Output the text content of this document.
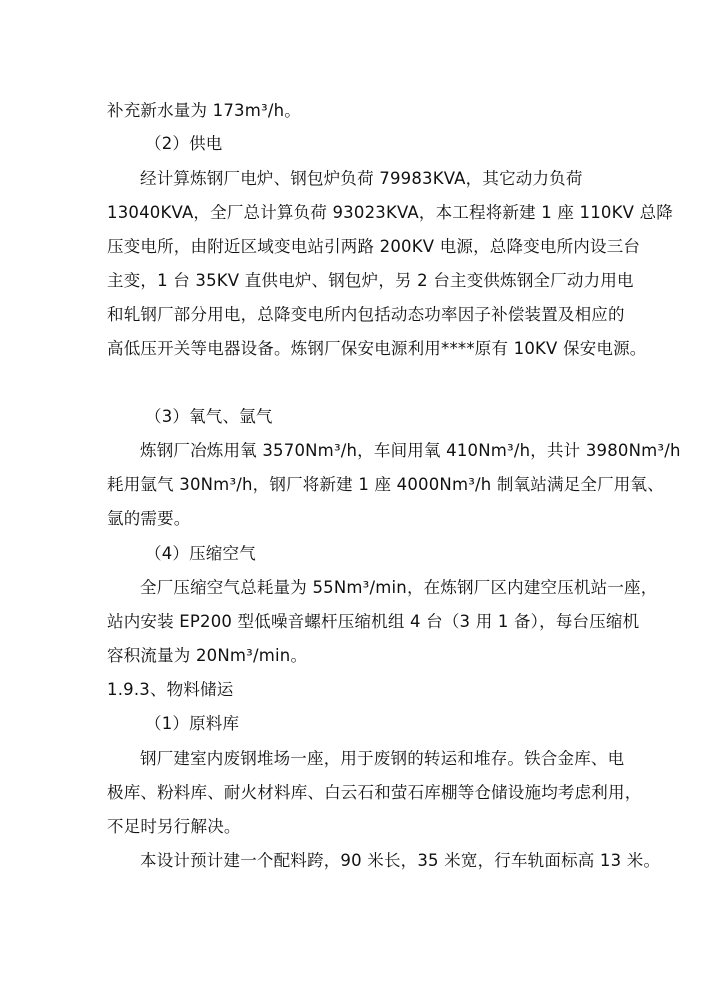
补充新水量为 173m³/h。
（2）供电
经计算炼钢厂电炉、钢包炉负荷 79983KVA，其它动力负荷
13040KVA，全厂总计算负荷 93023KVA，本工程将新建 1 座 110KV 总降
压变电所，由附近区域变电站引两路 200KV 电源，总降变电所内设三台
主变，1 台 35KV 直供电炉、钢包炉，另 2 台主变供炼钢全厂动力用电
和轧钢厂部分用电，总降变电所内包括动态功率因子补偿装置及相应的
高低压开关等电器设备。炼钢厂保安电源利用****原有 10KV 保安电源。
（3）氧气、氩气
炼钢厂冶炼用氧 3570Nm³/h，车间用氧 410Nm³/h，共计 3980Nm³/h
耗用氩气 30Nm³/h，钢厂将新建 1 座 4000Nm³/h 制氧站满足全厂用氧、
氩的需要。
（4）压缩空气
全厂压缩空气总耗量为 55Nm³/min，在炼钢厂区内建空压机站一座，
站内安装 EP200 型低噪音螺杆压缩机组 4 台（3 用 1 备），每台压缩机
容积流量为 20Nm³/min。
1.9.3、物料储运
（1）原料库
钢厂建室内废钢堆场一座，用于废钢的转运和堆存。铁合金库、电
极库、粉料库、耐火材料库、白云石和萤石库棚等仓储设施均考虑利用，
不足时另行解决。
本设计预计建一个配料跨，90 米长，35 米宽，行车轨面标高 13 米。
